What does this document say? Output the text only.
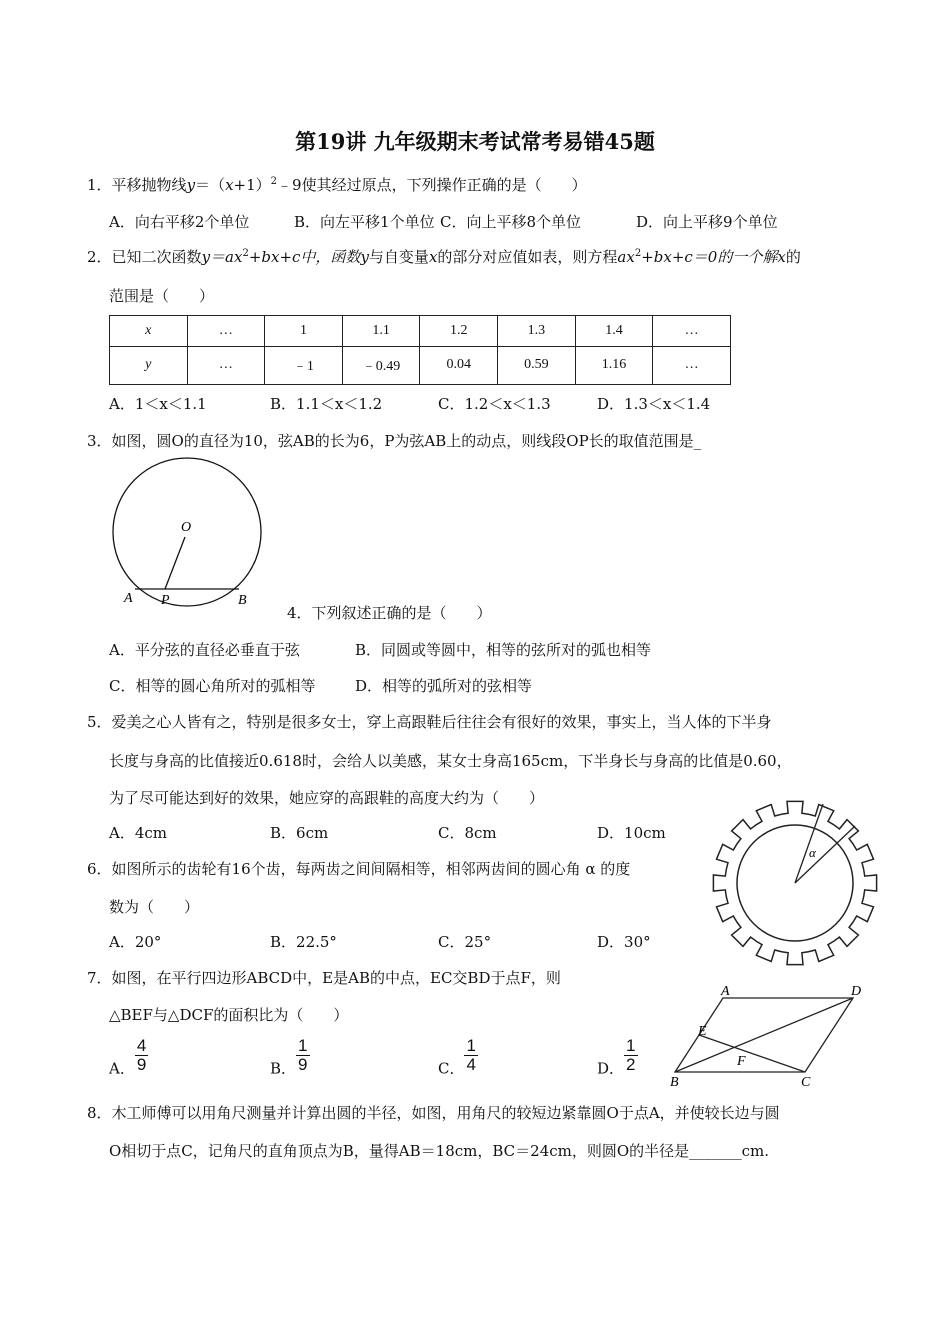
第19讲 九年级期末考试常考易错45题
1．平移抛物线$y=(x+1)^2﹣9$使其经过原点，下列操作正确的是（　　）
A．向右平移2个单位	B．向左平移1个单位 C．向上平移8个单位	D．向上平移9个单位
2．已知二次函数$y=ax^2+bx+c$中，函数y与自变量x的部分对应值如表，则方程$ax^2+bx+c=0$的一个解x的
范围是（　　）
x	…	1	1.1	1.2	1.3	1.4	…
y	…	﹣1	﹣0.49	0.04	0.59	1.16	…
A．1＜x＜1.1	B．1.1＜x＜1.2	C．1.2＜x＜1.3	D．1.3＜x＜1.4
3．如图，圆O的直径为10，弦AB的长为6，P为弦AB上的动点，则线段OP长的取值范围是_
O
A P	B
4．下列叙述正确的是（　　）
A．平分弦的直径必垂直于弦	B．同圆或等圆中，相等的弦所对的弧也相等
C．相等的圆心角所对的弧相等	D．相等的弧所对的弦相等
5．爱美之心人皆有之，特别是很多女士，穿上高跟鞋后往往会有很好的效果，事实上，当人体的下半身
长度与身高的比值接近0.618时，会给人以美感，某女士身高165cm，下半身长与身高的比值是0.60，
为了尽可能达到好的效果，她应穿的高跟鞋的高度大约为（　　）
A．4cm	B．6cm	C．8cm	D．10cm
6．如图所示的齿轮有16个齿，每两齿之间间隔相等，相邻两齿间的圆心角 α 的度
数为（　　）
A．20°	B．22.5°	C．25°	D．30°
α
7．如图，在平行四边形ABCD中，E是AB的中点，EC交BD于点F，则
△BEF与△DCF的面积比为（　　）
A． $\frac{4}{9}$	B． $\frac{1}{9}$	C． $\frac{1}{4}$	D． $\frac{1}{2}$
A	D
E
F
B	C
8．木工师傅可以用角尺测量并计算出圆的半径，如图，用角尺的较短边紧靠圆O于点A，并使较长边与圆
O相切于点C，记角尺的直角顶点为B，量得AB＝18cm，BC＝24cm，则圆O的半径是_______cm.
